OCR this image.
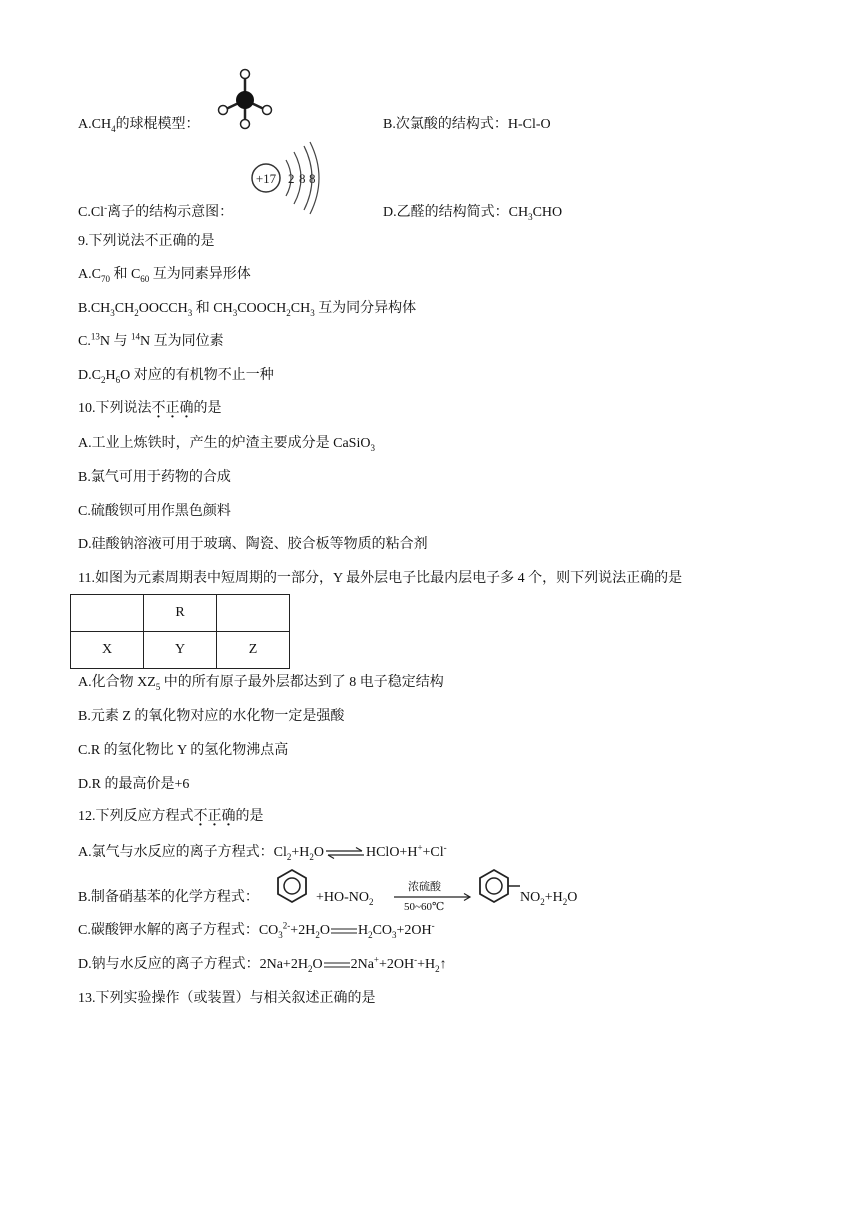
$A.CH_4$的球棍模型：	B.次氯酸的结构式：H-Cl-O
C.Cl-离子的结构示意图：
+17 2 8 8
D.乙醛的结构简式：$CH_3CHO$
9.下列说法不正确的是
$A.C_{70}$ 和 $C_{60}$ 互为同素异形体
$B.CH_3CH_2OOCCH_3$ 和 $CH_3COOCH_2CH_3$ 互为同分异构体
C.$^{13}$N 与 $^{14}$N 互为同位素
$D.C_2H_6O$ 对应的有机物不止一种
10.下列说法不正确的是
A.工业上炼铁时，产生的炉渣主要成分是 CaSiO$_3$
B.氯气可用于药物的合成
C.硫酸钡可用作黑色颜料
D.硅酸钠溶液可用于玻璃、陶瓷、胶合板等物质的粘合剂
11.如图为元素周期表中短周期的一部分，Y 最外层电子比最内层电子多 4 个，则下列说法正确的是
	R	
X	Y	Z
A.化合物 $XZ_5$ 中的所有原子最外层都达到了 8 电子稳定结构
B.元素 Z 的氧化物对应的水化物一定是强酸
C.R 的氢化物比 Y 的氢化物沸点高
D.R 的最高价是+6
12.下列反应方程式不正确的是
A.氯气与水反应的离子方程式：$Cl_2+H_2O\rightleftharpoons HClO+H^++Cl^-$
B.制备硝基苯的化学方程式：	$+HO-NO_2$
浓硫酸
50~60℃
$NO_2+H_2O$
C.碳酸钾水解的离子方程式：$CO_3^{2-}+2H_2O$ $H_2CO_3+2OH^-$
D.钠与水反应的离子方程式：$2Na+2H_2O$ $2Na^++2OH^-+H_2↑$
13.下列实验操作（或装置）与相关叙述正确的是
